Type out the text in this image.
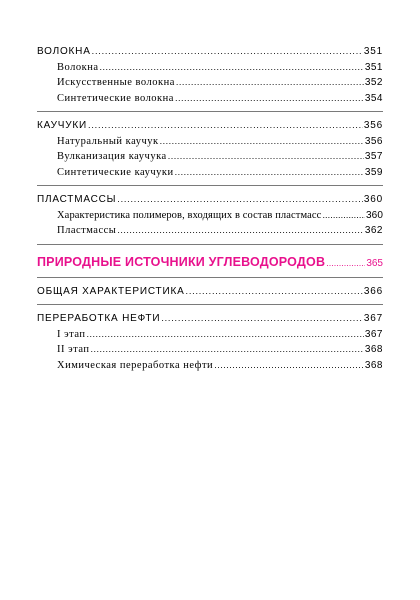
ВОЛОКНА .....	351
Волокна .....	351
Искусственные волокна .....	352
Синтетические волокна .....	354
КАУЧУКИ .....	356
Натуральный каучук .....	356
Вулканизация каучука .....	357
Синтетические каучуки .....	359
ПЛАСТМАССЫ .....	360
Характеристика полимеров, входящих в состав пластмасс .....	360
Пластмассы .....	362
ПРИРОДНЫЕ ИСТОЧНИКИ УГЛЕВОДОРОДОВ .....	365
ОБЩАЯ ХАРАКТЕРИСТИКА .....	366
ПЕРЕРАБОТКА НЕФТИ .....	367
I этап .....	367
II этап .....	368
Химическая переработка нефти .....	368
